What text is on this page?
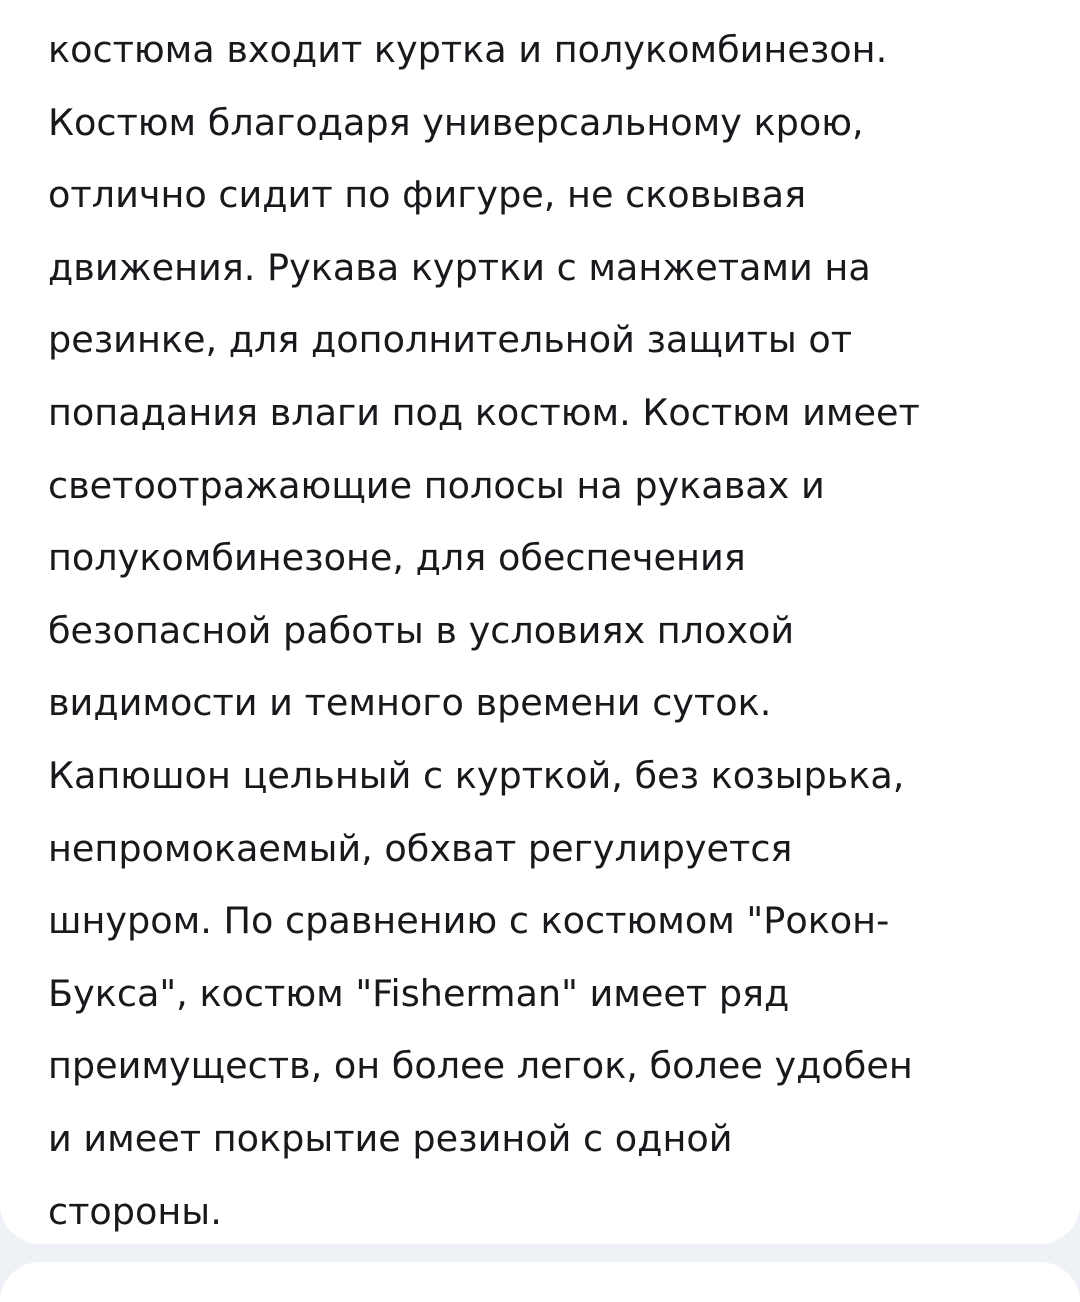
костюма входит куртка и полукомбинезон.
Костюм благодаря универсальному крою,
отлично сидит по фигуре, не сковывая
движения. Рукава куртки с манжетами на
резинке, для дополнительной защиты от
попадания влаги под костюм. Костюм имеет
светоотражающие полосы на рукавах и
полукомбинезоне, для обеспечения
безопасной работы в условиях плохой
видимости и темного времени суток.
Капюшон цельный с курткой, без козырька,
непромокаемый, обхват регулируется
шнуром. По сравнению с костюмом "Рокон-
Букса", костюм "Fisherman" имеет ряд
преимуществ, он более легок, более удобен
и имеет покрытие резиной с одной
стороны.
